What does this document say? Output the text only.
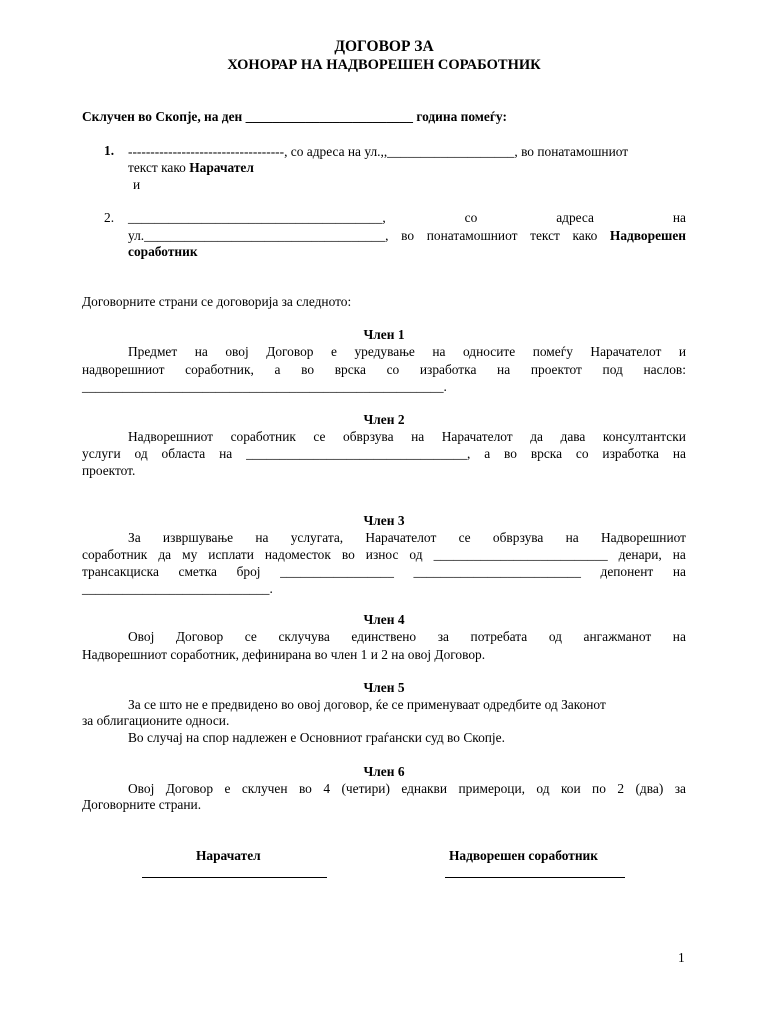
ДОГОВОР ЗА
ХОНОРАР НА НАДВОРЕШЕН СОРАБОТНИК
Склучен во Скопје, на ден _________________________ година помеѓу:
1. -----------------------------------, со адреса на ул.,,___________________, во понатамошниот
текст како Нарачател
и
2. ______________________________________,	со	адреса	на
ул.____________________________________, во понатамошниот текст како Надворешен
соработник
Договорните страни се договорија за следното:
Член 1
Предмет на овој Договор е уредување на односите помеѓу Нарачателот и
надворешниот соработник, а во врска со изработка на проектот под наслов:
______________________________________________________.
Член 2
Надворешниот соработник се обврзува на Нарачателот да дава консултантски
услуги од областа на _________________________________, а во врска со изработка на
проектот.
Член 3
За извршување на услугата, Нарачателот се обврзува на Надворешниот
соработник да му исплати надоместок во износ од __________________________ денари, на
трансакциска сметка број _________________ _________________________ депонент на
____________________________.
Член 4
Овој Договор се склучува единствено за потребата од ангажманот на
Надворешниот соработник, дефинирана во член 1 и 2 на овој Договор.
Член 5
За се што не е предвидено во овој договор, ќе се применуваат одредбите од Законот
за облигационите односи.
Во случај на спор надлежен е Основниот граѓански суд во Скопје.
Член 6
Овој Договор е склучен во 4 (четири) еднакви примероци, од кои по 2 (два) за
Договорните страни.
Нарачател	Надворешен соработник
1
